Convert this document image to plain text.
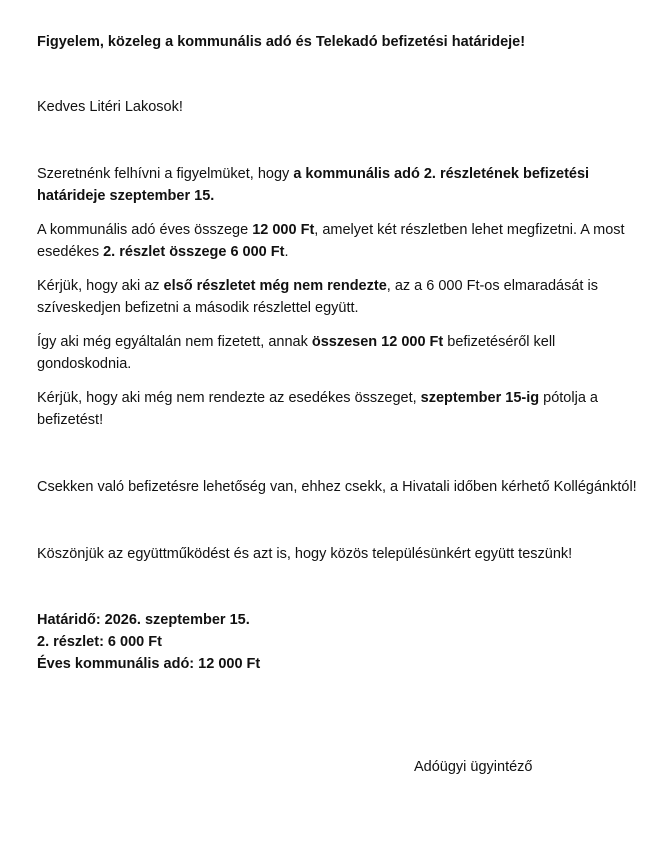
Figyelem, közeleg a kommunális adó és Telekadó befizetési határideje!
Kedves Litéri Lakosok!
Szeretnénk felhívni a figyelmüket, hogy a kommunális adó 2. részletének befizetési
határideje szeptember 15.
A kommunális adó éves összege 12 000 Ft, amelyet két részletben lehet megfizetni. A most
esedékes 2. részlet összege 6 000 Ft.
Kérjük, hogy aki az első részletet még nem rendezte, az a 6 000 Ft-os elmaradását is
szíveskedjen befizetni a második részlettel együtt.
Így aki még egyáltalán nem fizetett, annak összesen 12 000 Ft befizetéséről kell
gondoskodnia.
Kérjük, hogy aki még nem rendezte az esedékes összeget, szeptember 15-ig pótolja a
befizetést!
Csekken való befizetésre lehetőség van, ehhez csekk, a Hivatali időben kérhető Kollégánktól!
Köszönjük az együttműködést és azt is, hogy közös településünkért együtt teszünk!
Határidő: 2026. szeptember 15.
2. részlet: 6 000 Ft
Éves kommunális adó: 12 000 Ft
Adóügyi ügyintéző
